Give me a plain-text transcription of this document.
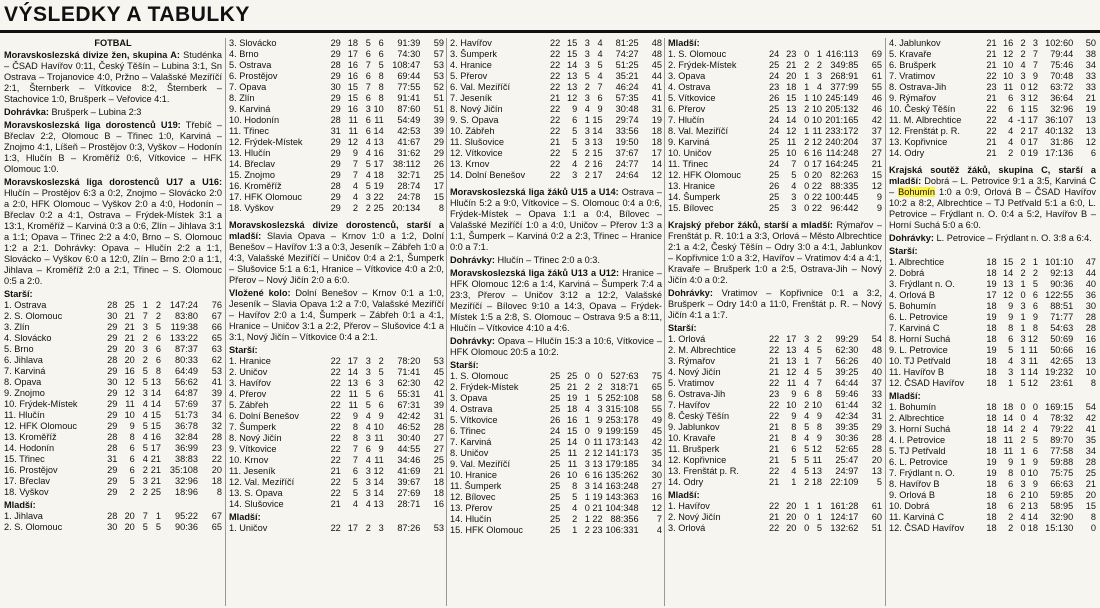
VÝSLEDKY A TABULKY
FOTBAL

Moravskoslezská divize žen, skupina A: Studénka – ČSAD Havířov 0:11, Český Těšín – Lubina 3:1, Sn Ostrava – Trojanovice 4:0, Pržno – Valašské Meziříčí 2:1, Šternberk – Vítkovice 8:2, Šternberk – Stachovice 1:0, Brušperk – Veřovice 4:1.

Dohrávka: Brušperk – Lubina 2:3

Moravskoslezská liga dorostenců U19: Třebíč – Břeclav 2:2, Olomouc B – Třinec 1:0, Karviná – Znojmo 4:1, Líšeň – Prostějov 0:3, Vyškov – Hodonín 1:3, Hlučín B – Kroměříž 0:6, Vítkovice – HFK Olomouc 1:0.

Moravskoslezská liga dorostenců U17 a U16: Hlučín – Prostějov 6:3 a 0:2, Znojmo – Slovácko 2:0 a 2:0, HFK Olomouc – Vyškov 2:0 a 4:0, Hodonín – Břeclav 0:2 a 4:1, Ostrava – Frýdek-Místek 3:1 a 13:1, Kroměříž – Karviná 0:3 a 0:6, Zlín – Jihlava 3:1 a 1:1; Opava – Třinec 2:2 a 4:0, Brno – S. Olomouc 1:2 a 2:1. Dohrávky: Opava – Hlučín 2:2 a 1:1, Slovácko – Vyškov 6:0 a 12:0, Zlín – Brno 2:0 a 1:1, Jihlava – Kroměříž 2:0 a 2:1, Třinec – S. Olomouc 0:5 a 2:0.

Starší:
1. Ostrava	28	25	1	2	147:24	76
2. S. Olomouc	30	21	7	2	83:80	67
3. Zlín	29	21	3	5	119:38	66
4. Slovácko	29	21	2	6	133:22	65
5. Brno	29	20	3	6	87:37	63
6. Jihlava	28	20	2	6	80:33	62
7. Karviná	29	16	5	8	64:49	53
8. Opava	30	12	5	13	56:62	41
9. Znojmo	29	12	3	14	64:87	39
10. Frýdek-Místek	29	11	4	14	57:69	37
11. Hlučín	29	10	4	15	51:73	34
12. HFK Olomouc	29	9	5	15	36:78	32
13. Kroměříž	28	8	4	16	32:84	28
14. Hodonín	28	6	5	17	36:99	23
15. Třinec	31	6	4	21	38:83	22
16. Prostějov	29	6	2	21	35:108	20
17. Břeclav	29	5	3	21	32:96	18
18. Vyškov	29	2	2	25	18:96	8
Mladší:
1. Jihlava	28	20	7	1	95:22	67
2. S. Olomouc	30	20	5	5	90:36	65
3. Slovácko	29	18	5	6	91:39	59
4. Brno	29	17	6	6	74:30	57
5. Ostrava	28	16	7	5	108:47	53
6. Prostějov	29	16	6	8	69:44	53
7. Opava	30	15	7	8	77:55	52
8. Zlín	29	15	6	8	91:41	51
9. Karviná	29	16	3	10	87:60	51
10. Hodonín	28	11	6	11	54:49	39
11. Třinec	31	11	6	14	42:53	39
12. Frýdek-Místek	29	12	4	13	41:67	29
13. Hlučín	29	9	4	16	31:62	29
14. Břeclav	29	7	5	17	38:112	26
15. Znojmo	29	7	4	18	32:71	25
16. Kroměříž	28	4	5	19	28:74	17
17. HFK Olomouc	29	4	3	22	24:78	15
18. Vyškov	29	2	2	25	20:134	8

Moravskoslezská divize dorostenců, starší a mladší: Slavia Opava – Krnov 1:0 a 1:2, Dolní Benešov – Havířov 1:3 a 0:3, Jeseník – Zábřeh 1:0 a 4:3, Valašské Meziříčí – Uničov 0:4 a 2:1, Šumperk – Slušovice 5:1 a 6:1, Hranice – Vítkovice 4:0 a 2:0, Přerov – Nový Jičín 2:0 a 6:0.

Vložené kolo: Dolní Benešov – Krnov 0:1 a 1:0, Jeseník – Slavia Opava 1:2 a 7:0, Valašské Meziříčí – Havířov 2:0 a 1:4, Šumperk – Zábřeh 0:1 a 4:1, Hranice – Uničov 3:1 a 2:2, Přerov – Slušovice 4:1 a 3:1, Nový Jičín – Vítkovice 0:4 a 2:1.

Starší:
1. Hranice	22	17	3	2	78:20	53
2. Uničov	22	14	3	5	71:41	45
3. Havířov	22	13	6	3	62:30	42
4. Přerov	22	11	5	6	55:31	41
5. Zábřeh	22	11	5	6	67:31	39
6. Dolní Benešov	22	9	4	9	42:42	31
7. Šumperk	22	8	4	10	46:52	28
8. Nový Jičín	22	8	3	11	30:40	27
9. Vítkovice	22	7	6	9	44:55	27
10. Krnov	22	7	4	11	34:46	25
11. Jeseník	21	6	3	12	41:69	21
12. Val. Meziříčí	22	5	3	14	39:67	18
13. S. Opava	22	5	3	14	27:69	18
14. Slušovice	21	4	4	13	28:71	16
Mladší:
1. Uničov	22	17	2	3	87:26	53
2. Havířov	22	15	3	4	81:25	48
3. Šumperk	22	15	3	4	74:27	48
4. Hranice	22	14	3	5	51:25	45
5. Přerov	22	13	5	4	35:21	44
6. Val. Meziříčí	22	13	2	7	46:24	41
7. Jeseník	21	12	3	6	57:35	41
8. Nový Jičín	22	9	4	9	30:48	31
9. S. Opava	22	6	1	15	29:74	19
10. Zábřeh	22	5	3	14	33:56	18
11. Slušovice	21	5	3	13	19:50	18
12. Vítkovice	22	5	2	15	37:67	17
13. Krnov	22	4	2	16	24:77	14
14. Dolní Benešov	22	3	2	17	24:64	12

Moravskoslezská liga žáků U15 a U14: Ostrava – Hlučín 5:2 a 9:0, Vítkovice – S. Olomouc 0:4 a 0:6, Frýdek-Místek – Opava 1:1 a 0:4, Bílovec – Valašské Meziříčí 1:0 a 4:0, Uničov – Přerov 1:3 a 1:1, Šumperk – Karviná 0:2 a 2:3, Třinec – Hranice 0:0 a 7:1.

Dohrávky: Hlučín – Třinec 2:0 a 0:3.

Moravskoslezská liga žáků U13 a U12: Hranice – HFK Olomouc 12:6 a 1:4, Karviná – Šumperk 7:4 a 23:3, Přerov – Uničov 3:12 a 12:2, Valašské Meziříčí – Bílovec 9:10 a 14:3, Opava – Frýdek-Místek 1:5 a 2:8, S. Olomouc – Ostrava 9:5 a 8:11, Hlučín – Vítkovice 4:10 a 4:6.

Dohrávky: Opava – Hlučín 15:3 a 10:6, Vítkovice – HFK Olomouc 20:5 a 10:2.

Starší:
1. S. Olomouc	25	25	0	0	527:63	75
2. Frýdek-Místek	25	21	2	2	318:71	65
3. Opava	25	19	1	5	252:108	58
4. Ostrava	25	18	4	3	315:108	55
5. Vítkovice	26	16	1	9	253:178	49
6. Třinec	24	15	0	9	199:159	45
7. Karviná	25	14	0	11	173:143	42
8. Uničov	25	11	2	12	141:173	35
9. Val. Meziříčí	25	11	3	13	179:185	34
10. Hranice	26	10	6	16	135:262	30
11. Šumperk	25	8	3	14	163:248	27
12. Bílovec	25	5	1	19	143:363	16
13. Přerov	25	4	0	21	104:348	12
14. Hlučín	25	2	1	22	88:356	7
15. HFK Olomouc	25	1	2	23	106:331	4
Mladší:
1. S. Olomouc	24	23	0	1	416:113	69
2. Frýdek-Místek	25	21	2	2	349:85	65
3. Opava	24	20	1	3	268:91	61
4. Ostrava	23	18	1	4	377:99	55
5. Vítkovice	26	15	1	10	245:149	46
6. Přerov	25	13	2	10	205:132	46
7. Hlučín	24	14	0	10	201:165	42
8. Val. Meziříčí	24	12	1	11	233:172	37
9. Karviná	25	11	2	12	240:204	37
10. Uničov	25	10	6	16	114:248	27
11. Třinec	24	7	0	17	164:245	21
12. HFK Olomouc	25	5	0	20	82:263	15
13. Hranice	26	4	0	22	88:335	12
14. Šumperk	25	3	0	22	100:445	9
15. Bílovec	25	3	0	22	96:442	9

Krajský přebor žáků, starší a mladší: Rýmařov – Frenštát p. R. 10:1 a 3:3, Orlová – Město Albrechtice 2:1 a 4:2, Český Těšín – Odry 3:0 a 4:1, Jablunkov – Kopřivnice 1:0 a 3:2, Havířov – Vratimov 4:4 a 4:1, Kravaře – Brušperk 1:0 a 2:5, Ostrava-Jih – Nový Jičín 4:0 a 0:2.

Dohrávky: Vratimov – Kopřivnice 0:1 a 3:2, Brušperk – Odry 14:0 a 11:0, Frenštát p. R. – Nový Jičín 4:1 a 1:7.

Starší:
1. Orlová	22	17	3	2	99:29	54
2. M. Albrechtice	22	13	4	5	62:30	48
3. Rýmařov	21	13	1	7	56:26	40
4. Nový Jičín	21	12	4	5	39:25	40
5. Vratimov	22	11	4	7	64:44	37
6. Ostrava-Jih	23	9	6	8	59:46	33
7. Havířov	22	10	2	10	61:44	32
8. Český Těšín	22	9	4	9	42:34	31
9. Jablunkov	21	8	5	8	39:35	29
10. Kravaře	21	8	4	9	30:36	28
11. Brušperk	21	6	5	12	52:65	28
12. Kopřivnice	21	5	5	11	25:47	20
13. Frenštát p. R.	22	4	5	13	24:97	13
14. Odry	21	1	2	18	22:109	5
Mladší:
1. Havířov	22	20	1	1	161:28	61
2. Nový Jičín	21	20	0	1	124:17	60
3. Orlová	22	20	0	5	132:62	51
4. Jablunkov	21	16	2	3	102:60	50
5. Kravaře	21	12	2	7	79:44	38
6. Brušperk	21	10	4	7	75:46	34
7. Vratimov	22	10	3	9	70:48	33
8. Ostrava-Jih	23	11	0	12	63:72	33
9. Rýmařov	21	6	3	12	36:64	21
10. Český Těšín	22	6	1	15	32:96	19
11. M. Albrechtice	22	4	-1	17	36:107	13
12. Frenštát p. R.	22	4	2	17	40:132	13
13. Kopřivnice	21	4	0	17	31:86	12
14. Odry	21	2	0	19	17:136	6

Krajská soutěž žáků, skupina C, starší a mladší: Dobrá – L. Petrovice 9:1 a 3:5, Karviná C – Bohumín 1:0 a 0:9, Orlová B – ČSAD Havířov 10:2 a 8:2, Albrechtice – TJ Petřvald 5:1 a 6:0, L. Petrovice – Frýdlant n. O. 0:4 a 5:2, Havířov B – Horní Suchá 5:0 a 6:0.

Dohrávky: L. Petrovice – Frýdlant n. O. 3:8 a 6:4.

Starší:
1. Albrechtice	18	15	2	1	101:10	47
2. Dobrá	18	14	2	2	92:13	44
3. Frýdlant n. O.	19	13	1	5	90:36	40
4. Orlová B	17	12	0	6	122:55	36
5. Bohumín	18	9	3	6	88:51	30
6. L. Petrovice	19	9	1	9	71:77	28
7. Karviná C	18	8	1	8	54:63	28
8. Horní Suchá	18	6	3	12	50:69	16
9. L. Petrovice	19	5	1	11	50:66	16
10. TJ Petřvald	18	4	3	11	42:65	13
11. Havířov B	18	3	1	14	19:232	10
12. ČSAD Havířov	18	1	5	12	23:61	8
Mladší:
1. Bohumín	18	18	0	0	169:15	54
2. Albrechtice	18	14	0	4	78:32	42
3. Horní Suchá	18	14	2	4	79:22	41
4. I. Petrovice	18	11	2	5	89:70	35
5. TJ Petřvald	18	11	1	6	77:58	34
6. L. Petrovice	19	9	1	9	59:88	28
7. Frýdlant n. O.	19	8	0	10	75:75	25
8. Havířov B	18	6	3	9	66:63	21
9. Orlová B	18	6	2	10	59:85	20
10. Dobrá	18	6	2	13	58:95	15
11. Karviná C	18	2	4	14	32:90	8
12. ČSAD Havířov	18	2	0	18	15:130	0
